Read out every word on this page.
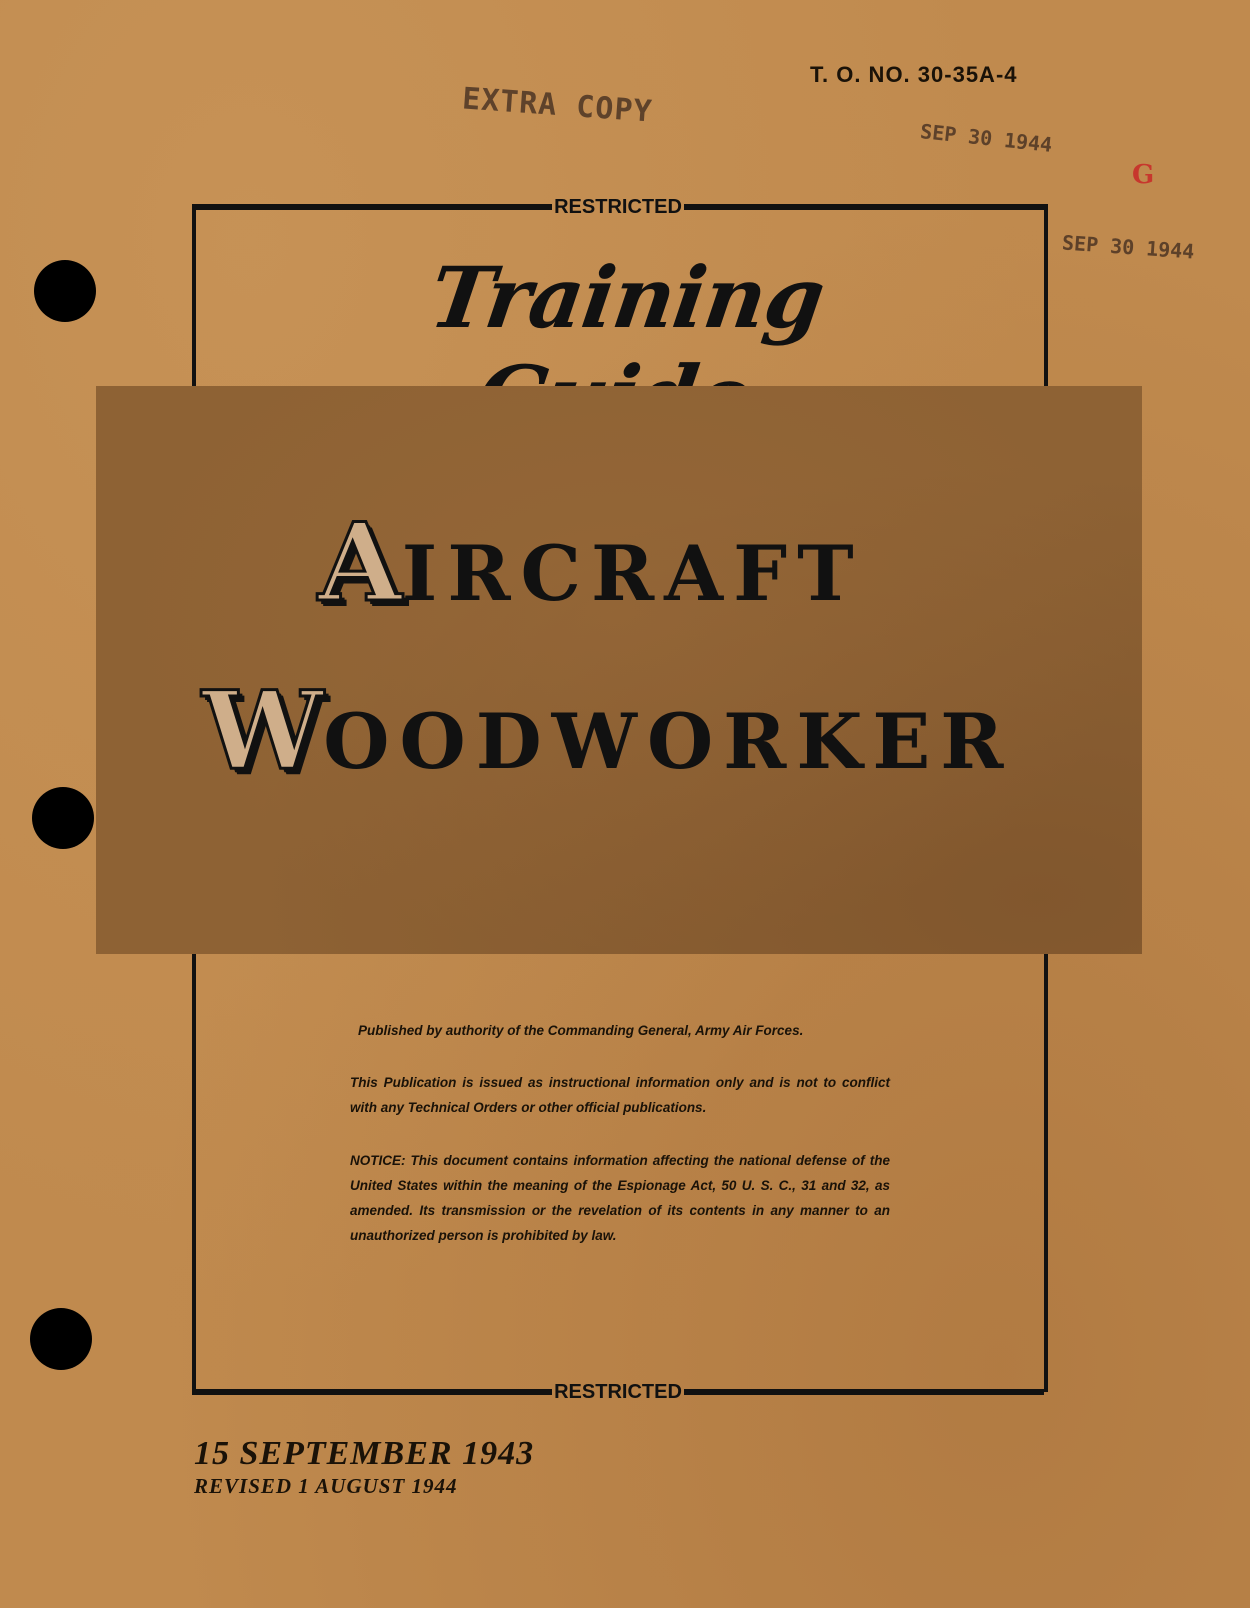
T. O. NO. 30-35A-4
EXTRA COPY
SEP 30 1944
G
SEP 30 1944
RESTRICTED
Training
AIRCRAFT
WOODWORKER
Published by authority of the Commanding General, Army Air Forces.
This Publication is issued as instructional information only and is not to conflict with any Technical Orders or other official publications.
NOTICE: This document contains information affecting the national defense of the United States within the meaning of the Espionage Act, 50 U. S. C., 31 and 32, as amended. Its transmission or the revelation of its contents in any manner to an unauthorized person is prohibited by law.
RESTRICTED
15 SEPTEMBER 1943
REVISED 1 AUGUST 1944
